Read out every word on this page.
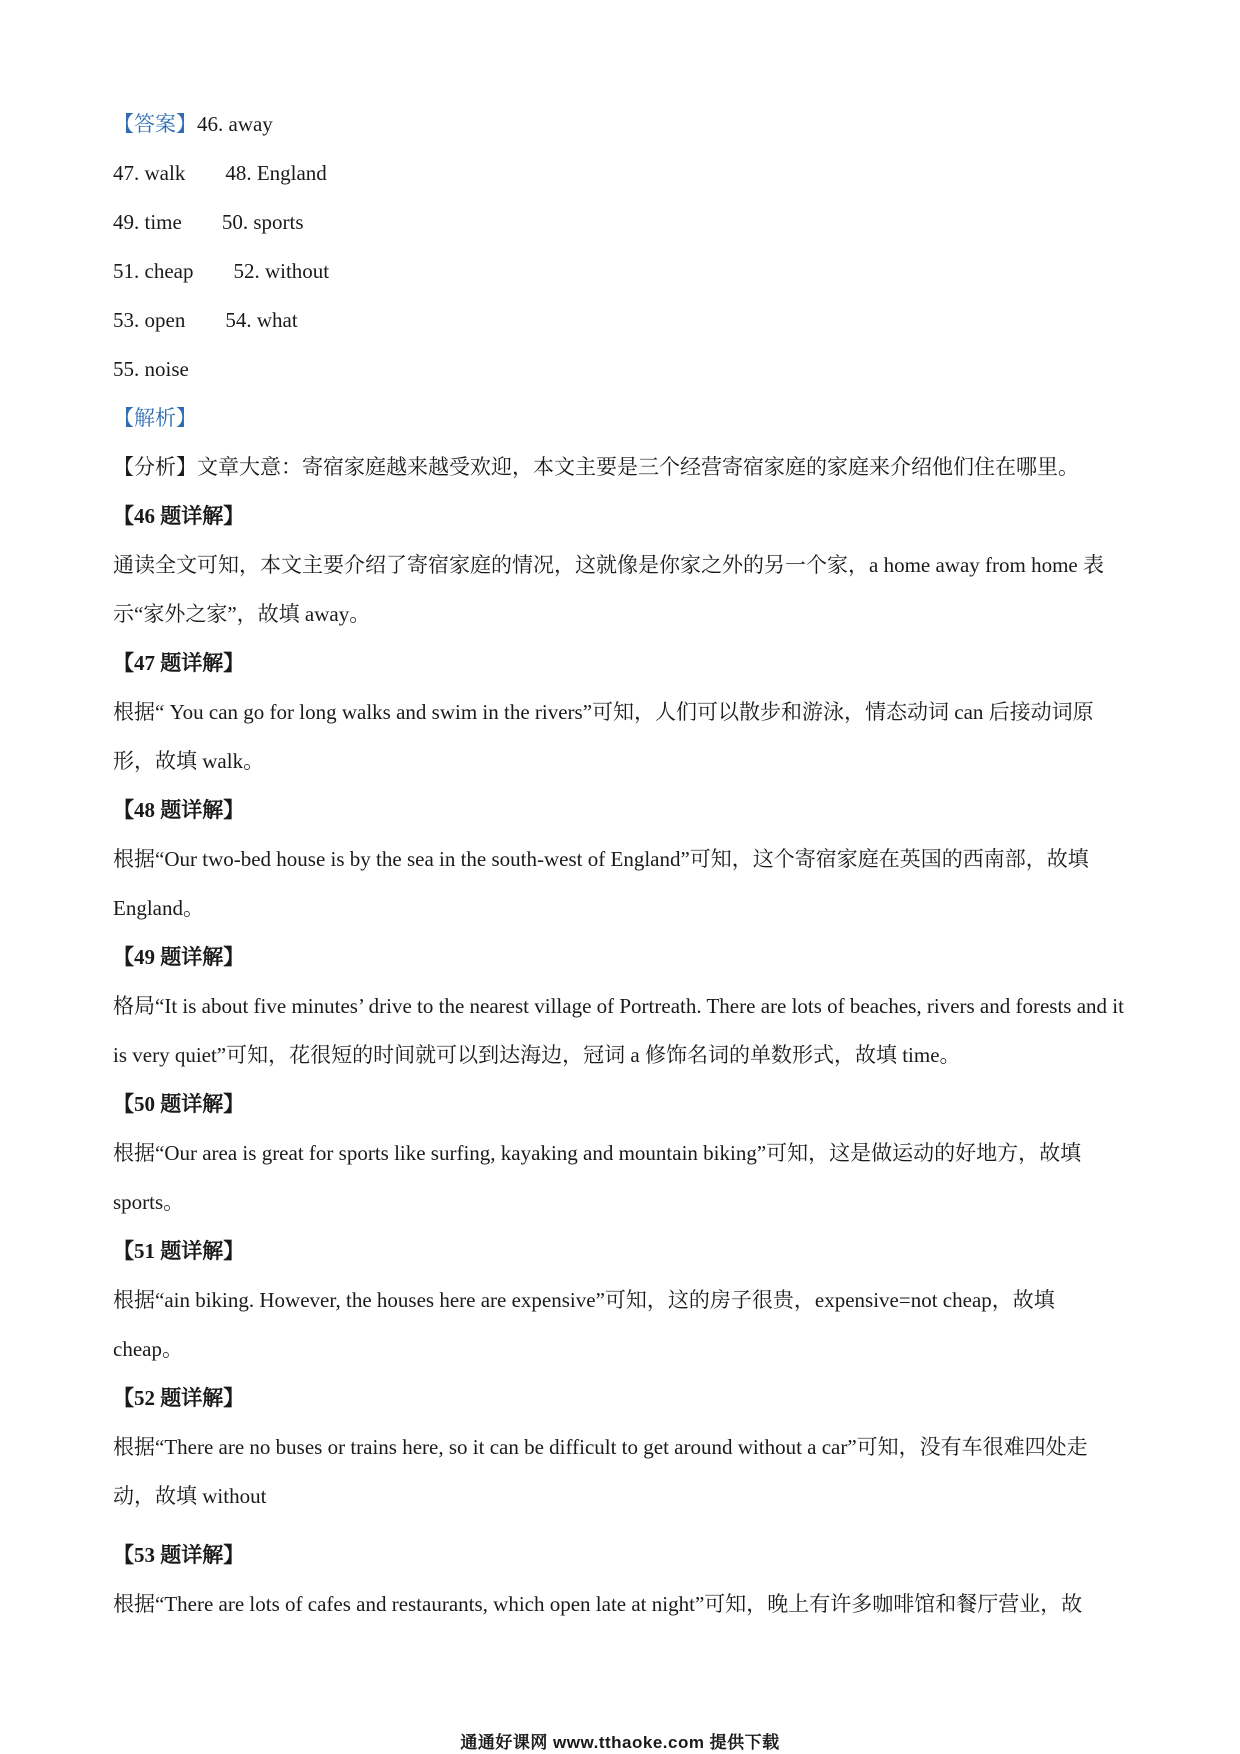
【答案】46. away
47. walk 48. England
49. time 50. sports
51. cheap 52. without
53. open 54. what
55. noise
【解析】
【分析】文章大意：寄宿家庭越来越受欢迎，本文主要是三个经营寄宿家庭的家庭来介绍他们住在哪里。
【46 题详解】
通读全文可知，本文主要介绍了寄宿家庭的情况，这就像是你家之外的另一个家，a home away from home 表示“家外之家”，故填 away。
【47 题详解】
根据“ You can go for long walks and swim in the rivers”可知，人们可以散步和游泳，情态动词 can 后接动词原形，故填 walk。
【48 题详解】
根据“Our two-bed house is by the sea in the south-west of England”可知，这个寄宿家庭在英国的西南部，故填 England。
【49 题详解】
格局“It is about five minutes’ drive to the nearest village of Portreath. There are lots of beaches, rivers and forests and it is very quiet”可知，花很短的时间就可以到达海边，冠词 a 修饰名词的单数形式，故填 time。
【50 题详解】
根据“Our area is great for sports like surfing, kayaking and mountain biking”可知，这是做运动的好地方，故填 sports。
【51 题详解】
根据“ain biking. However, the houses here are expensive”可知，这的房子很贵，expensive=not cheap，故填 cheap。
【52 题详解】
根据“There are no buses or trains here, so it can be difficult to get around without a car”可知，没有车很难四处走动，故填 without
【53 题详解】
根据“There are lots of cafes and restaurants, which open late at night”可知，晚上有许多咖啡馆和餐厅营业，故
通通好课网 www.tthaoke.com 提供下载
